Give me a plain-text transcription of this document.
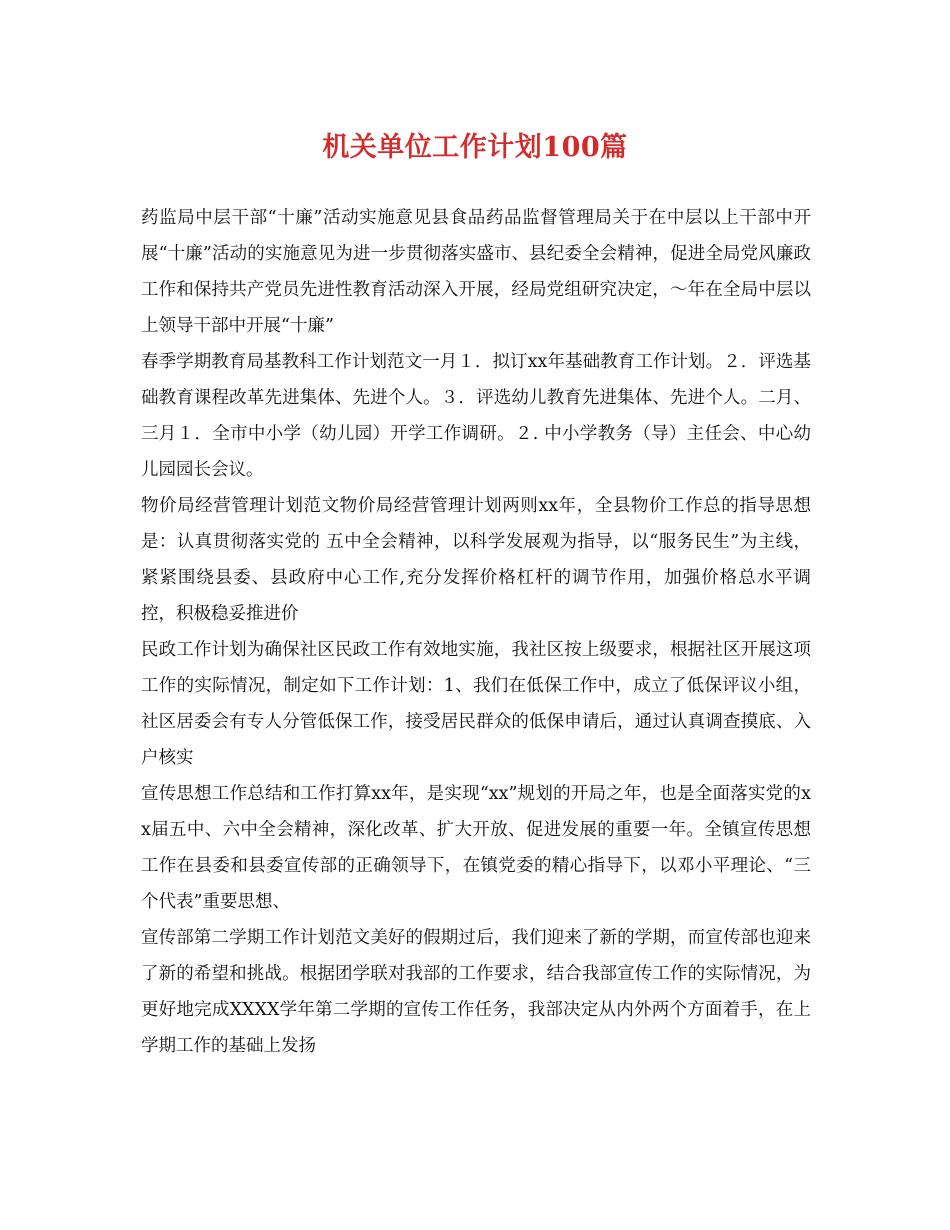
机关单位工作计划100篇

药监局中层干部“十廉”活动实施意见县食品药品监督管理局关于在中层以上干部中开展“十廉”活动的实施意见为进一步贯彻落实盛市、县纪委全会精神，促进全局党风廉政工作和保持共产党员先进性教育活动深入开展，经局党组研究决定，～年在全局中层以上领导干部中开展“十廉”

春季学期教育局基教科工作计划范文一月１．拟订xx年基础教育工作计划。２．评选基础教育课程改革先进集体、先进个人。３．评选幼儿教育先进集体、先进个人。二月、三月１．全市中小学（幼儿园）开学工作调研。２. 中小学教务（导）主任会、中心幼儿园园长会议。

物价局经营管理计划范文物价局经营管理计划两则xx年，全县物价工作总的指导思想是：认真贯彻落实党的 五中全会精神，以科学发展观为指导，以“服务民生”为主线，紧紧围绕县委、县政府中心工作,充分发挥价格杠杆的调节作用，加强价格总水平调控，积极稳妥推进价

民政工作计划为确保社区民政工作有效地实施，我社区按上级要求，根据社区开展这项工作的实际情况，制定如下工作计划：1、我们在低保工作中，成立了低保评议小组，社区居委会有专人分管低保工作，接受居民群众的低保申请后，通过认真调查摸底、入户核实

宣传思想工作总结和工作打算xx年，是实现“xx”规划的开局之年，也是全面落实党的xx届五中、六中全会精神，深化改革、扩大开放、促进发展的重要一年。全镇宣传思想工作在县委和县委宣传部的正确领导下，在镇党委的精心指导下，以邓小平理论、“三个代表”重要思想、

宣传部第二学期工作计划范文美好的假期过后，我们迎来了新的学期，而宣传部也迎来了新的希望和挑战。根据团学联对我部的工作要求，结合我部宣传工作的实际情况，为更好地完成XXXX学年第二学期的宣传工作任务，我部决定从内外两个方面着手，在上学期工作的基础上发扬
